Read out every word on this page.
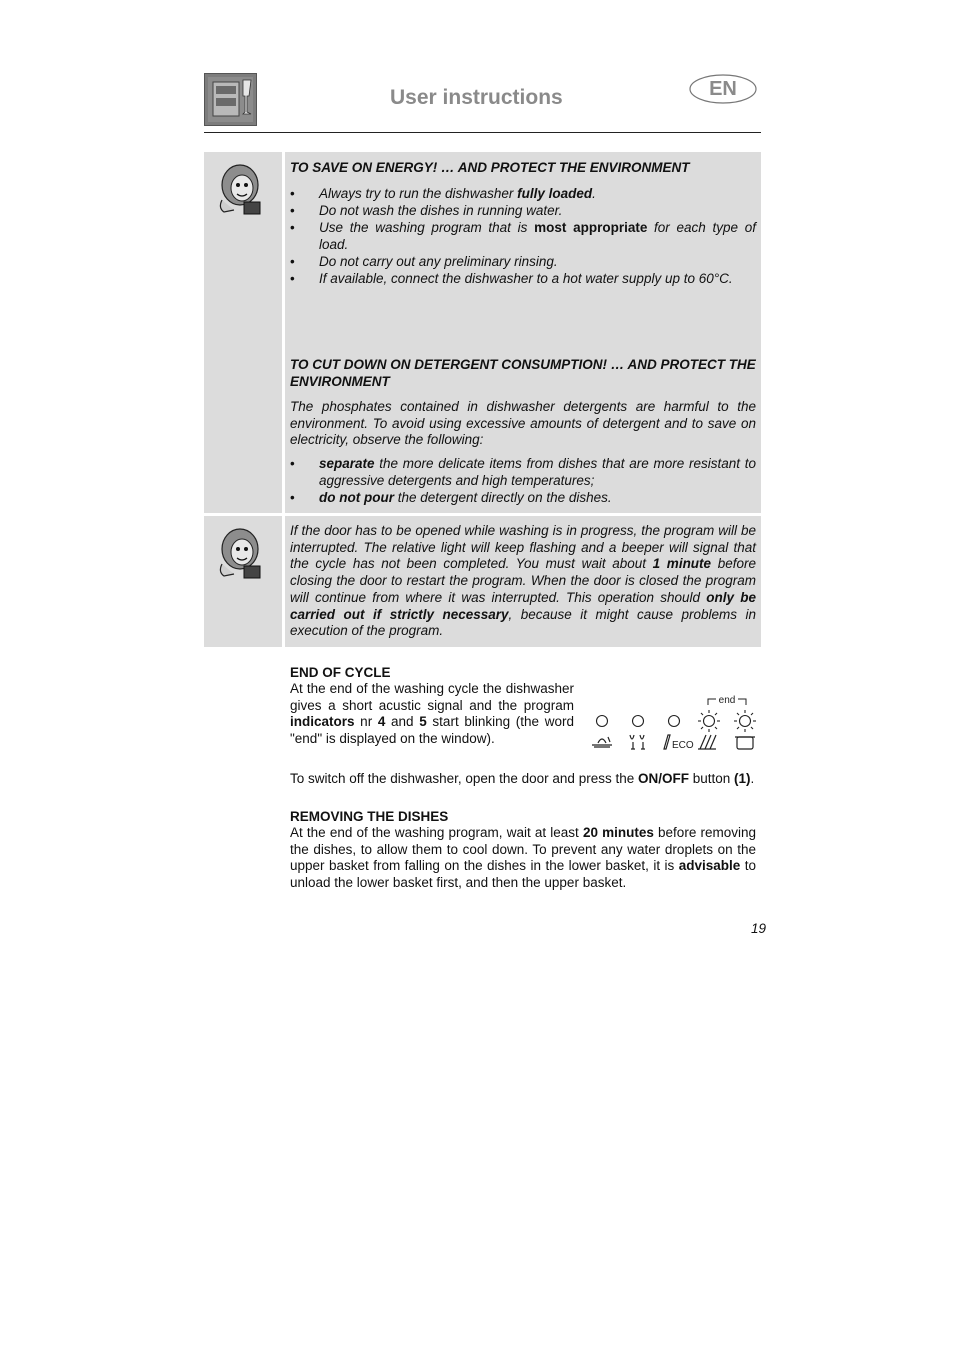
User instructions	EN

TO SAVE ON ENERGY! … AND PROTECT THE ENVIRONMENT

• Always try to run the dishwasher fully loaded.
• Do not wash the dishes in running water.
• Use the washing program that is most appropriate for each type of load.
• Do not carry out any preliminary rinsing.
• If available, connect the dishwasher to a hot water supply up to 60°C.

TO CUT DOWN ON DETERGENT CONSUMPTION! … AND PROTECT THE ENVIRONMENT

The phosphates contained in dishwasher detergents are harmful to the environment. To avoid using excessive amounts of detergent and to save on electricity, observe the following:

• separate the more delicate items from dishes that are more resistant to aggressive detergents and high temperatures;
• do not pour the detergent directly on the dishes.

If the door has to be opened while washing is in progress, the program will be interrupted. The relative light will keep flashing and a beeper will signal that the cycle has not been completed. You must wait about 1 minute before closing the door to restart the program. When the door is closed the program will continue from where it was interrupted. This operation should only be carried out if strictly necessary, because it might cause problems in execution of the program.

END OF CYCLE

At the end of the washing cycle the dishwasher gives a short acustic signal and the program indicators nr 4 and 5 start blinking (the word "end" is displayed on the window).

end
ECO

To switch off the dishwasher, open the door and press the ON/OFF button (1).

REMOVING THE DISHES

At the end of the washing program, wait at least 20 minutes before removing the dishes, to allow them to cool down. To prevent any water droplets on the upper basket from falling on the dishes in the lower basket, it is advisable to unload the lower basket first, and then the upper basket.

19
